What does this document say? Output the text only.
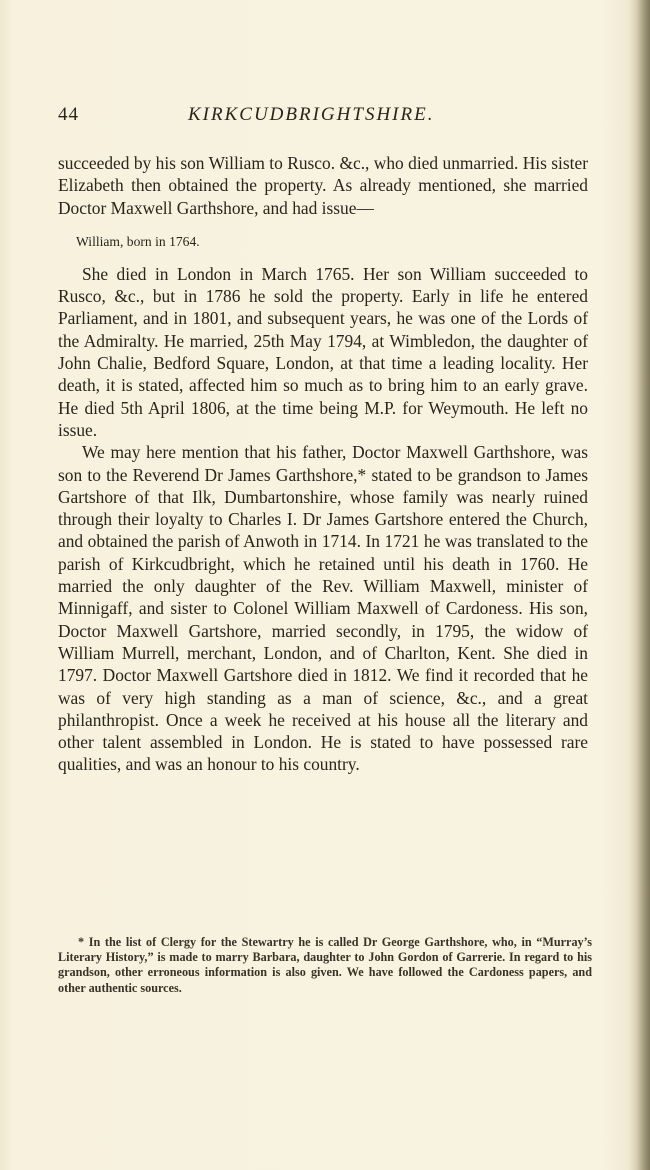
44	KIRKCUDBRIGHTSHIRE.

succeeded by his son William to Rusco. &c., who died unmarried. His sister Elizabeth then obtained the property. As already mentioned, she married Doctor Maxwell Garthshore, and had issue—

William, born in 1764.

She died in London in March 1765. Her son William succeeded to Rusco, &c., but in 1786 he sold the property. Early in life he entered Parliament, and in 1801, and subsequent years, he was one of the Lords of the Admiralty. He married, 25th May 1794, at Wimbledon, the daughter of John Chalie, Bedford Square, London, at that time a leading locality. Her death, it is stated, affected him so much as to bring him to an early grave. He died 5th April 1806, at the time being M.P. for Weymouth. He left no issue.

We may here mention that his father, Doctor Maxwell Garthshore, was son to the Reverend Dr James Garthshore,* stated to be grandson to James Gartshore of that Ilk, Dumbartonshire, whose family was nearly ruined through their loyalty to Charles I. Dr James Gartshore entered the Church, and obtained the parish of Anwoth in 1714. In 1721 he was translated to the parish of Kirkcudbright, which he retained until his death in 1760. He married the only daughter of the Rev. William Maxwell, minister of Minnigaff, and sister to Colonel William Maxwell of Cardoness. His son, Doctor Maxwell Gartshore, married secondly, in 1795, the widow of William Murrell, merchant, London, and of Charlton, Kent. She died in 1797. Doctor Maxwell Gartshore died in 1812. We find it recorded that he was of very high standing as a man of science, &c., and a great philanthropist. Once a week he received at his house all the literary and other talent assembled in London. He is stated to have possessed rare qualities, and was an honour to his country.

* In the list of Clergy for the Stewartry he is called Dr George Garthshore, who, in “Murray’s Literary History,” is made to marry Barbara, daughter to John Gordon of Garrerie. In regard to his grandson, other erroneous information is also given. We have followed the Cardoness papers, and other authentic sources.
